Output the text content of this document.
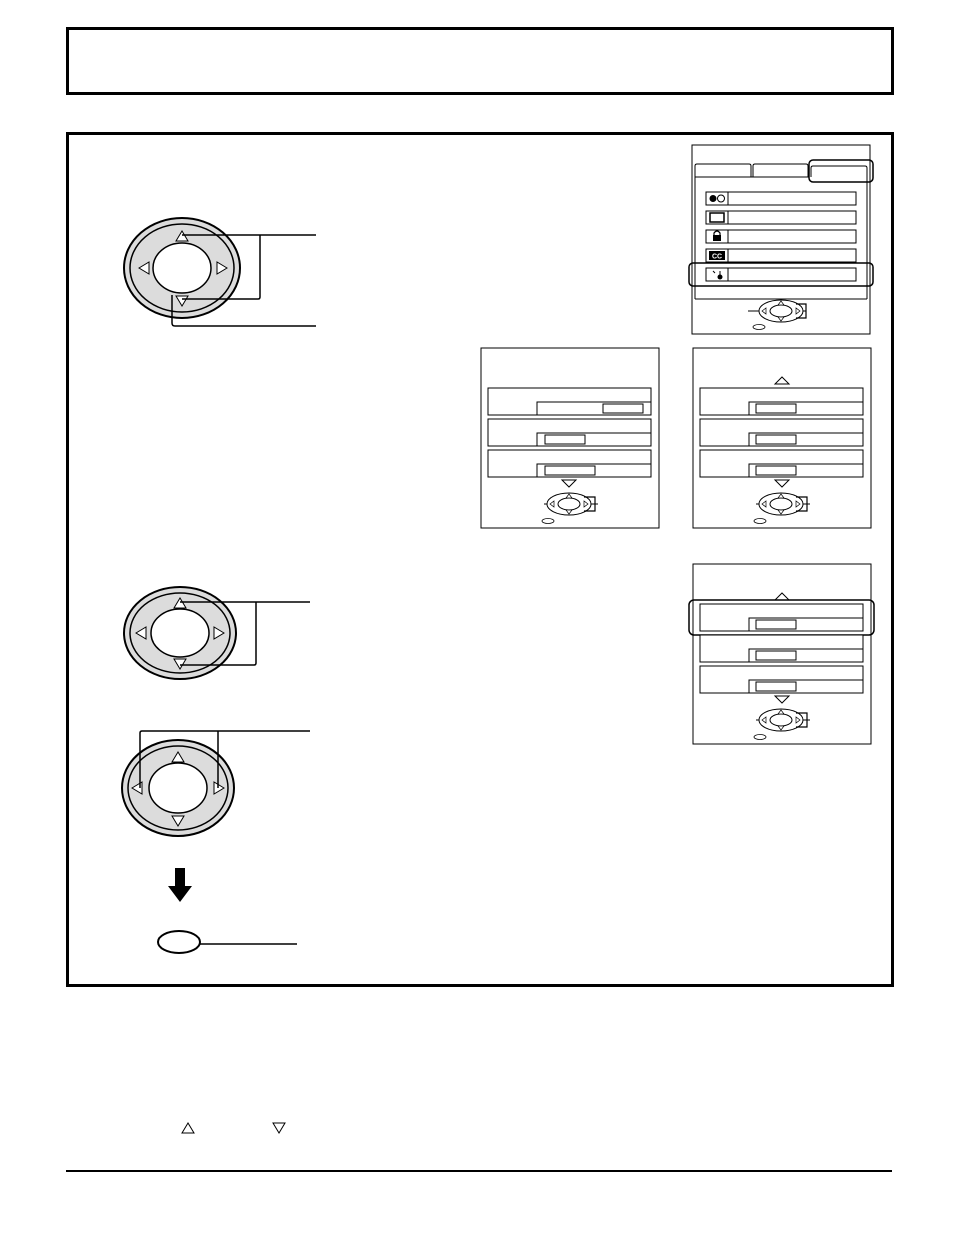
CC
